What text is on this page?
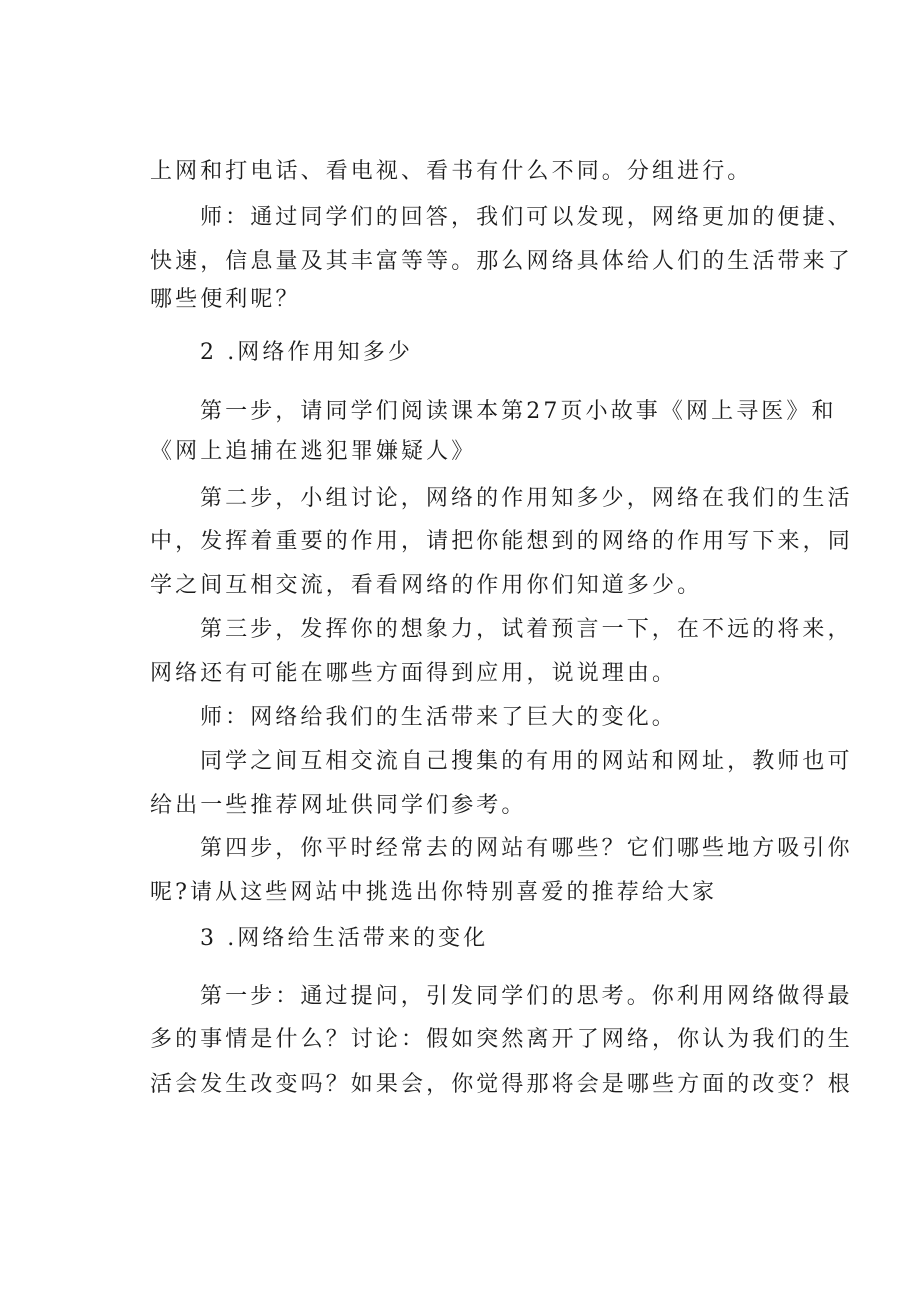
上网和打电话、看电视、看书有什么不同。分组进行。
师：通过同学们的回答，我们可以发现，网络更加的便捷、
快速，信息量及其丰富等等。那么网络具体给人们的生活带来了
哪些便利呢？
2 .网络作用知多少
第一步，请同学们阅读课本第27页小故事《网上寻医》和
《网上追捕在逃犯罪嫌疑人》
第二步，小组讨论，网络的作用知多少，网络在我们的生活
中，发挥着重要的作用，请把你能想到的网络的作用写下来，同
学之间互相交流，看看网络的作用你们知道多少。
第三步，发挥你的想象力，试着预言一下，在不远的将来，
网络还有可能在哪些方面得到应用，说说理由。
师：网络给我们的生活带来了巨大的变化。
同学之间互相交流自己搜集的有用的网站和网址，教师也可
给出一些推荐网址供同学们参考。
第四步，你平时经常去的网站有哪些？它们哪些地方吸引你
呢?请从这些网站中挑选出你特别喜爱的推荐给大家
3 .网络给生活带来的变化
第一步：通过提问，引发同学们的思考。你利用网络做得最
多的事情是什么？讨论：假如突然离开了网络，你认为我们的生
活会发生改变吗？如果会，你觉得那将会是哪些方面的改变？根
